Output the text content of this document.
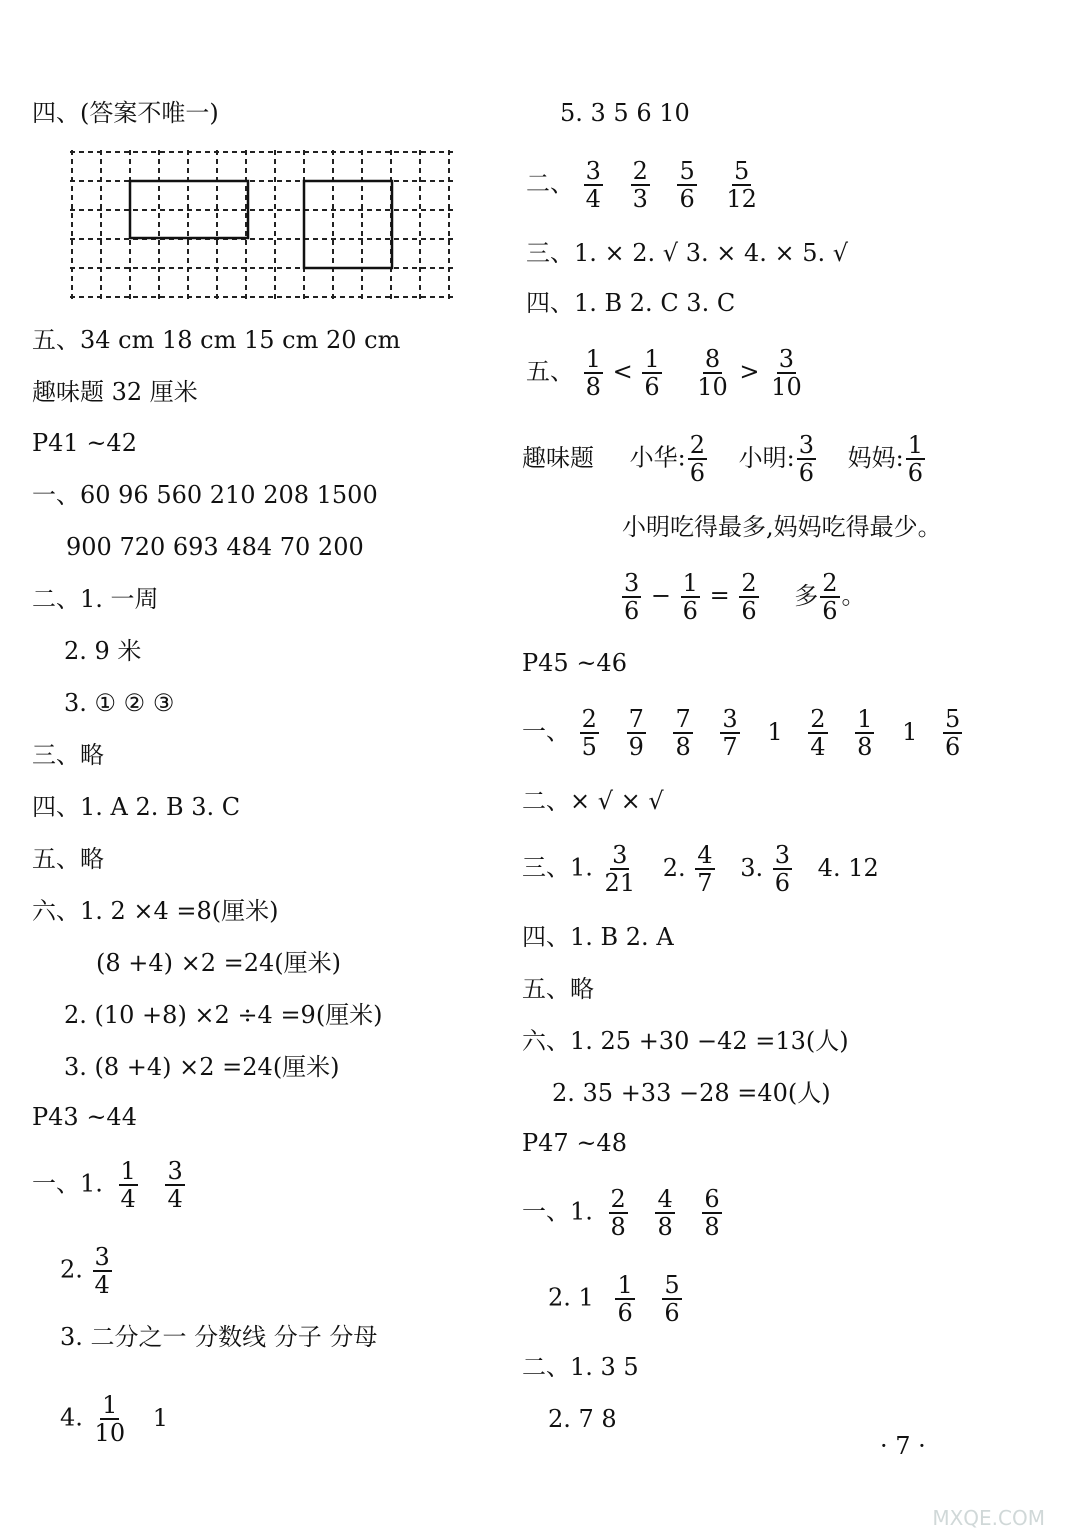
四、(答案不唯一)
五、34 cm 18 cm 15 cm 20 cm
趣味题 32 厘米
P41 ~42
一、60 96 560 210 208 1500
900 720 693 484 70 200
二、1. 一周
2. 9 米
3. ① ② ③
三、略
四、1. A 2. B 3. C
五、略
六、1. 2 ×4 =8(厘米)
(8 +4) ×2 =24(厘米)
2. (10 +8) ×2 ÷4 =9(厘米)
3. (8 +4) ×2 =24(厘米)
P43 ~44
一、1. $\frac{1}{4}$
$\frac{3}{4}$
2. $\frac{3}{4}$
3. 二分之一 分数线 分子 分母
4. $\frac{1}{10} 1$
5. 3 5 6 10
二、 $\frac{3}{4}$
$\frac{2}{3}$
$\frac{5}{6}$
$\frac{5}{12}$
三、1. × 2. √ 3. × 4. × 5. √
四、1. B 2. C 3. C
五、 $\frac{1}{8} < \frac{1}{6}$
$\frac{8}{10} > \frac{3}{10}$
趣味题 小华: $\frac{2}{6}$ 小明: $\frac{3}{6}$ 妈妈: $\frac{1}{6}$
小明吃得最多,妈妈吃得最少。
$\frac{3}{6} - \frac{1}{6} = \frac{2}{6}$ 多 $\frac{2}{6}$ 。
P45 ~46
一、 $\frac{2}{5}$
$\frac{7}{9}$
$\frac{7}{8}$
$\frac{3}{7} 1 \frac{2}{4}$
$\frac{1}{8} 1 \frac{5}{6}$
二、× √ × √
三、1. $\frac{3}{21} 2$. $\frac{4}{7} 3$. $\frac{3}{6} 4$. 12
四、1. B 2. A
五、略
六、1. 25 +30 −42 =13(人)
2. 35 +33 −28 =40(人)
P47 ~48
一、1. $\frac{2}{8}$
$\frac{4}{8}$
$\frac{6}{8}$
2. $1 \frac{1}{6}$
$\frac{5}{6}$
二、1. 3 5
2. 7 8
· 7 ·
MXQE.COM
